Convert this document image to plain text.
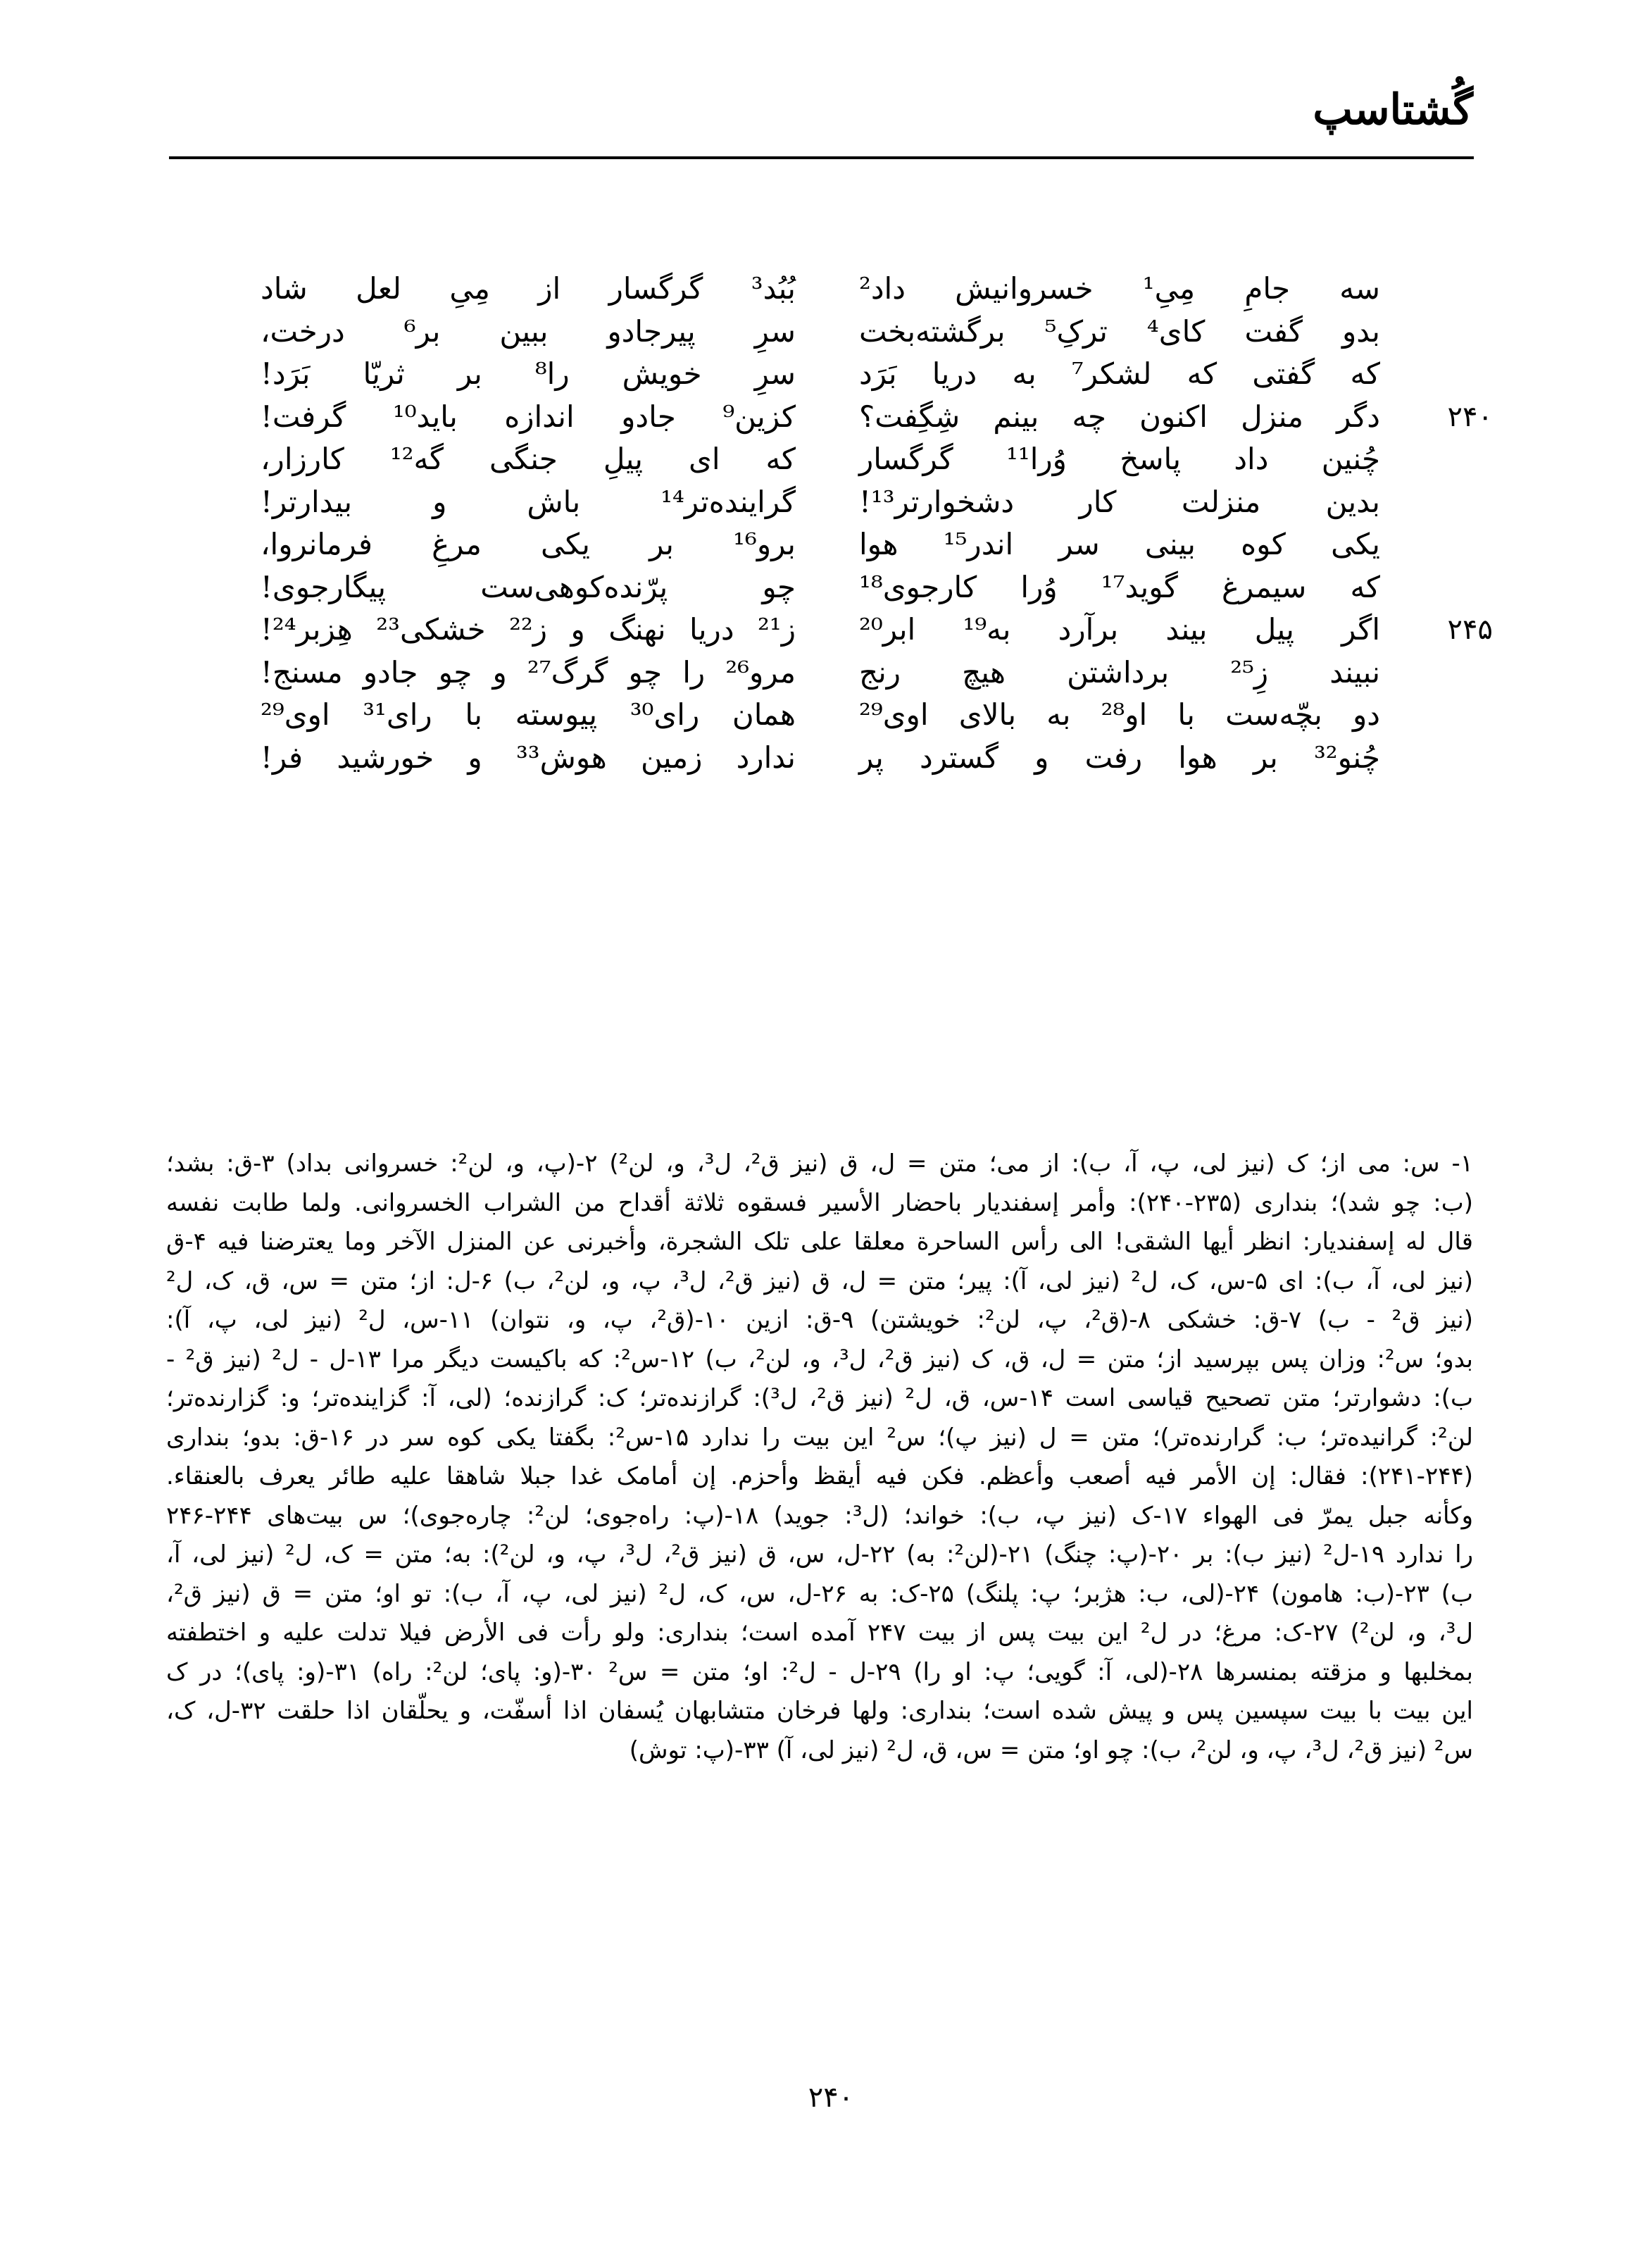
گُشتاسپ
سه جامِ مِیِ¹ خسروانیش داد²
بُبُد³ گرگسار از مِیِ لعل شاد
بدو گفت کای⁴ ترکِ⁵ برگشته‌بخت
سرِ پیرجادو ببین بر⁶ درخت،
که گفتی که لشکر⁷ به دریا بَرَد
سرِ خویش را⁸ بر ثریّا بَرَد!
۲۴۰
دگر منزل اکنون چه بینم شِگِفت؟
کزین⁹ جادو اندازه باید¹⁰ گرفت!
چُنین داد پاسخ وُرا¹¹ گرگسار
که ای پیلِ جنگی گه¹² کارزار،
بدین منزلت کار دشخوارتر¹³!
گراینده‌تر¹⁴ باش و بیدارتر!
یکی کوه بینی سر اندر¹⁵ هوا
برو¹⁶ بر یکی مرغِ فرمانروا،
که سیمرغ گوید¹⁷ وُرا کارجوی¹⁸
چو پرّنده‌کوهی‌ست پیگارجوی!
۲۴۵
اگر پیل بیند برآرد به¹⁹ ابر²⁰
ز²¹ دریا نهنگ و ز²² خشکی²³ هِزبر²⁴!
نبیند زِ²⁵ برداشتن هیچ رنج
مرو²⁶ را چو گرگ²⁷ و چو جادو مسنج!
دو بچّه‌ست با او²⁸ به بالای اوی²⁹
همان رای³⁰ پیوسته با رای³¹ اوی²⁹
چُنو³² بر هوا رفت و گسترد پر
ندارد زمین هوش³³ و خورشید فر!
۱- س: می از؛ ک (نیز لی، پ، آ، ب): از می؛ متن = ل، ق (نیز ق²، ل³، و، لن²) ۲-(پ، و، لن²: خسروانی بداد) ۳-ق: بشد؛
(ب: چو شد)؛ بنداری (۲۳۵-۲۴۰): وأمر إسفندیار باحضار الأسیر فسقوه ثلاثة أقداح من الشراب الخسروانی. ولما طابت نفسه
قال له إسفندیار: انظر أیها الشقی! الی رأس الساحرة معلقا علی تلک الشجرة، وأخبرنی عن المنزل الآخر وما یعترضنا فیه ۴-ق
(نیز لی، آ، ب): ای ۵-س، ک، ل² (نیز لی، آ): پیر؛ متن = ل، ق (نیز ق²، ل³، پ، و، لن²، ب) ۶-ل: از؛ متن = س، ق، ک، ل²
(نیز ق² - ب) ۷-ق: خشکی ۸-(ق²، پ، لن²: خویشتن) ۹-ق: ازین ۱۰-(ق²، پ، و، نتوان) ۱۱-س، ل² (نیز لی، پ، آ):
بدو؛ س²: وزان پس بپرسید از؛ متن = ل، ق، ک (نیز ق²، ل³، و، لن²، ب) ۱۲-س²: که باکیست دیگر مرا ۱۳-ل - ل² (نیز ق² -
ب): دشوارتر؛ متن تصحیح قیاسی است ۱۴-س، ق، ل² (نیز ق²، ل³): گرازنده‌تر؛ ک: گرازنده؛ (لی، آ: گزاینده‌تر؛ و: گزارنده‌تر؛
لن²: گرانیده‌تر؛ ب: گرارنده‌تر)؛ متن = ل (نیز پ)؛ س² این بیت را ندارد ۱۵-س²: بگفتا یکی کوه سر در ۱۶-ق: بدو؛ بنداری
(۲۴۱-۲۴۴): فقال: إن الأمر فیه أصعب وأعظم. فکن فیه أیقظ وأحزم. إن أمامک غدا جبلا شاهقا علیه طائر یعرف بالعنقاء.
وکأنه جبل یمرّ فی الهواء ۱۷-ک (نیز پ، ب): خواند؛ (ل³: جوید) ۱۸-(پ: راه‌جوی؛ لن²: چاره‌جوی)؛ س بیت‌های ۲۴۴-۲۴۶
را ندارد ۱۹-ل² (نیز ب): بر ۲۰-(پ: چنگ) ۲۱-(لن²: به) ۲۲-ل، س، ق (نیز ق²، ل³، پ، و، لن²): به؛ متن = ک، ل² (نیز لی، آ،
ب) ۲۳-(ب: هامون) ۲۴-(لی، ب: هژبر؛ پ: پلنگ) ۲۵-ک: به ۲۶-ل، س، ک، ل² (نیز لی، پ، آ، ب): تو او؛ متن = ق (نیز ق²،
ل³، و، لن²) ۲۷-ک: مرغ؛ در ل² این بیت پس از بیت ۲۴۷ آمده است؛ بنداری: ولو رأت فی الأرض فیلا تدلت علیه و اختطفته
بمخلبها و مزقته بمنسرها ۲۸-(لی، آ: گویی؛ پ: او را) ۲۹-ل - ل²: او؛ متن = س² ۳۰-(و: پای؛ لن²: راه) ۳۱-(و: پای)؛ در ک
این بیت با بیت سپسین پس و پیش شده است؛ بنداری: ولها فرخان متشابهان یُسفان اذا أسفّت، و یحلّقان اذا حلقت ۳۲-ل، ک،
س² (نیز ق²، ل³، پ، و، لن²، ب): چو او؛ متن = س، ق، ل² (نیز لی، آ) ۳۳-(پ: توش)
۲۴۰
